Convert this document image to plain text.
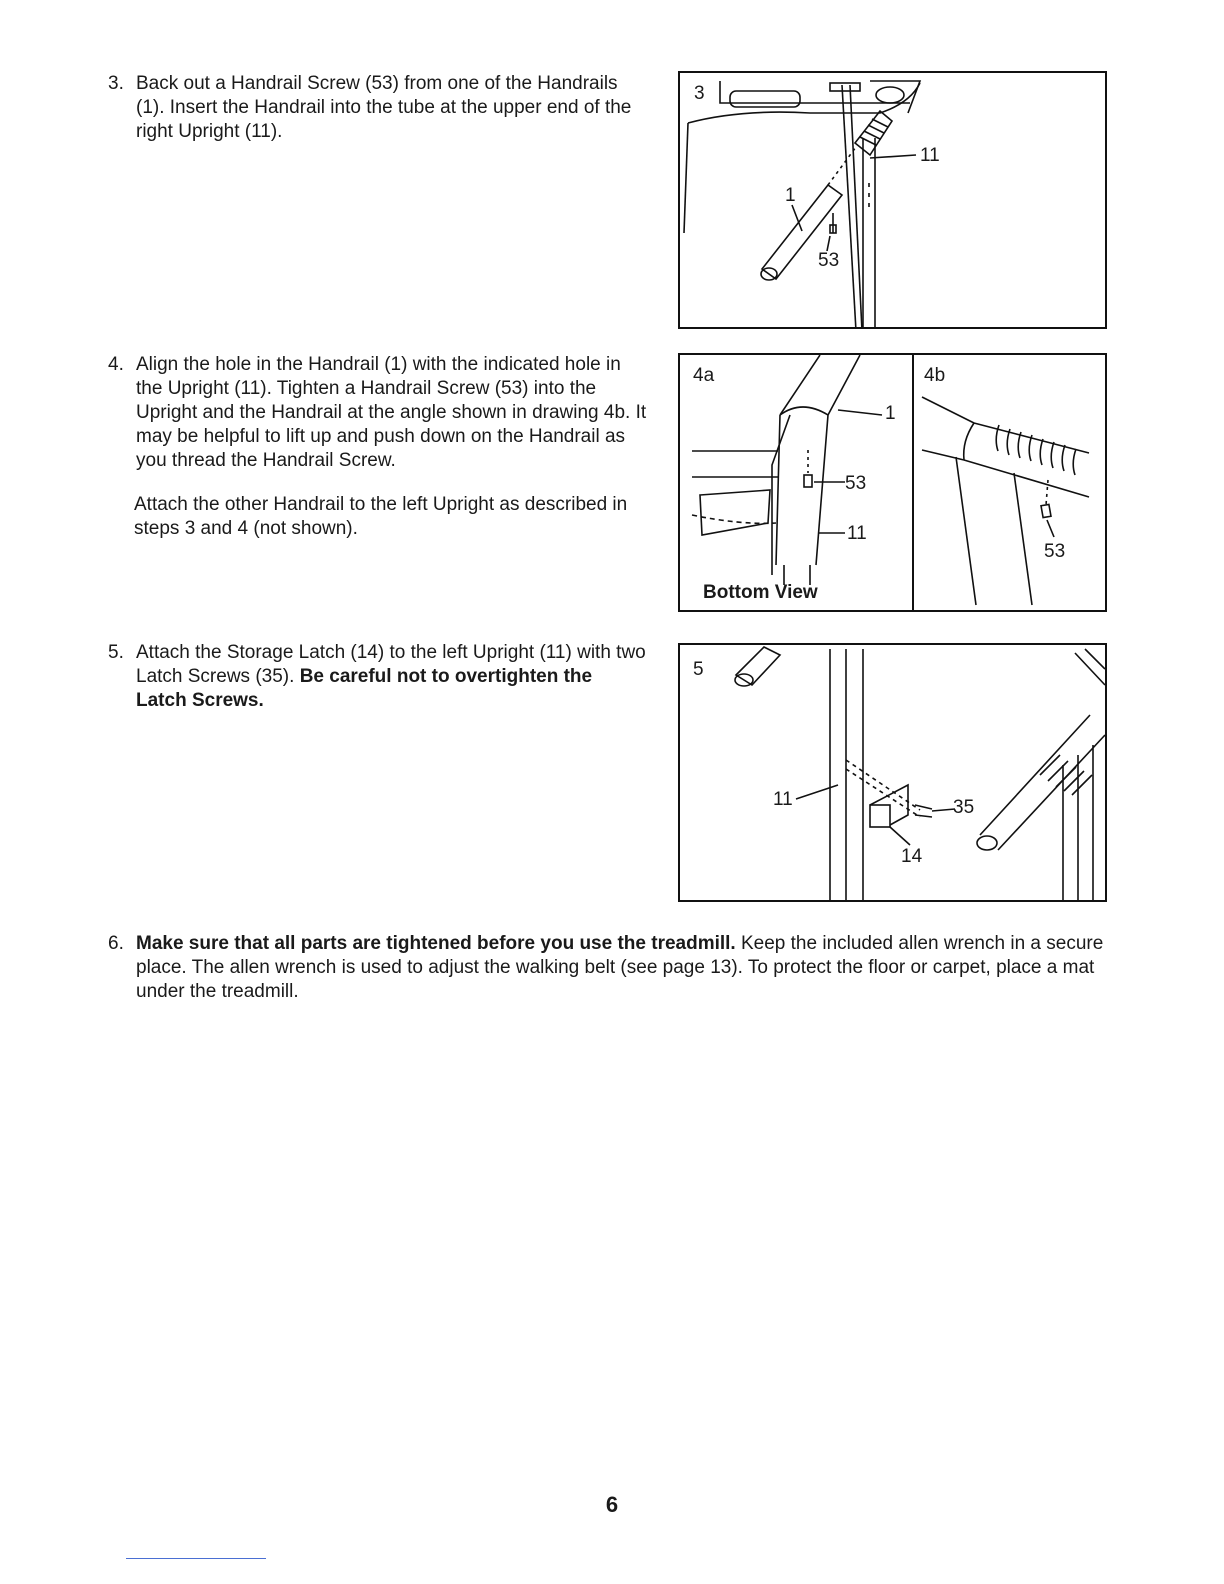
3. Back out a Handrail Screw (53) from one of the Handrails (1). Insert the Handrail into the tube at the upper end of the right Upright (11).

4. Align the hole in the Handrail (1) with the indicated hole in the Upright (11). Tighten a Handrail Screw (53) into the Upright and the Handrail at the angle shown in drawing 4b. It may be helpful to lift up and push down on the Handrail as you thread the Handrail Screw.

Attach the other Handrail to the left Upright as described in steps 3 and 4 (not shown).

5. Attach the Storage Latch (14) to the left Upright (11) with two Latch Screws (35). Be careful not to overtighten the Latch Screws.

6. Make sure that all parts are tightened before you use the treadmill. Keep the included allen wrench in a secure place. The allen wrench is used to adjust the walking belt (see page 13). To protect the floor or carpet, place a mat under the treadmill.

3
11
1
53
4a
1
53
11
Bottom View
4b
53
5
11	35
14
6
